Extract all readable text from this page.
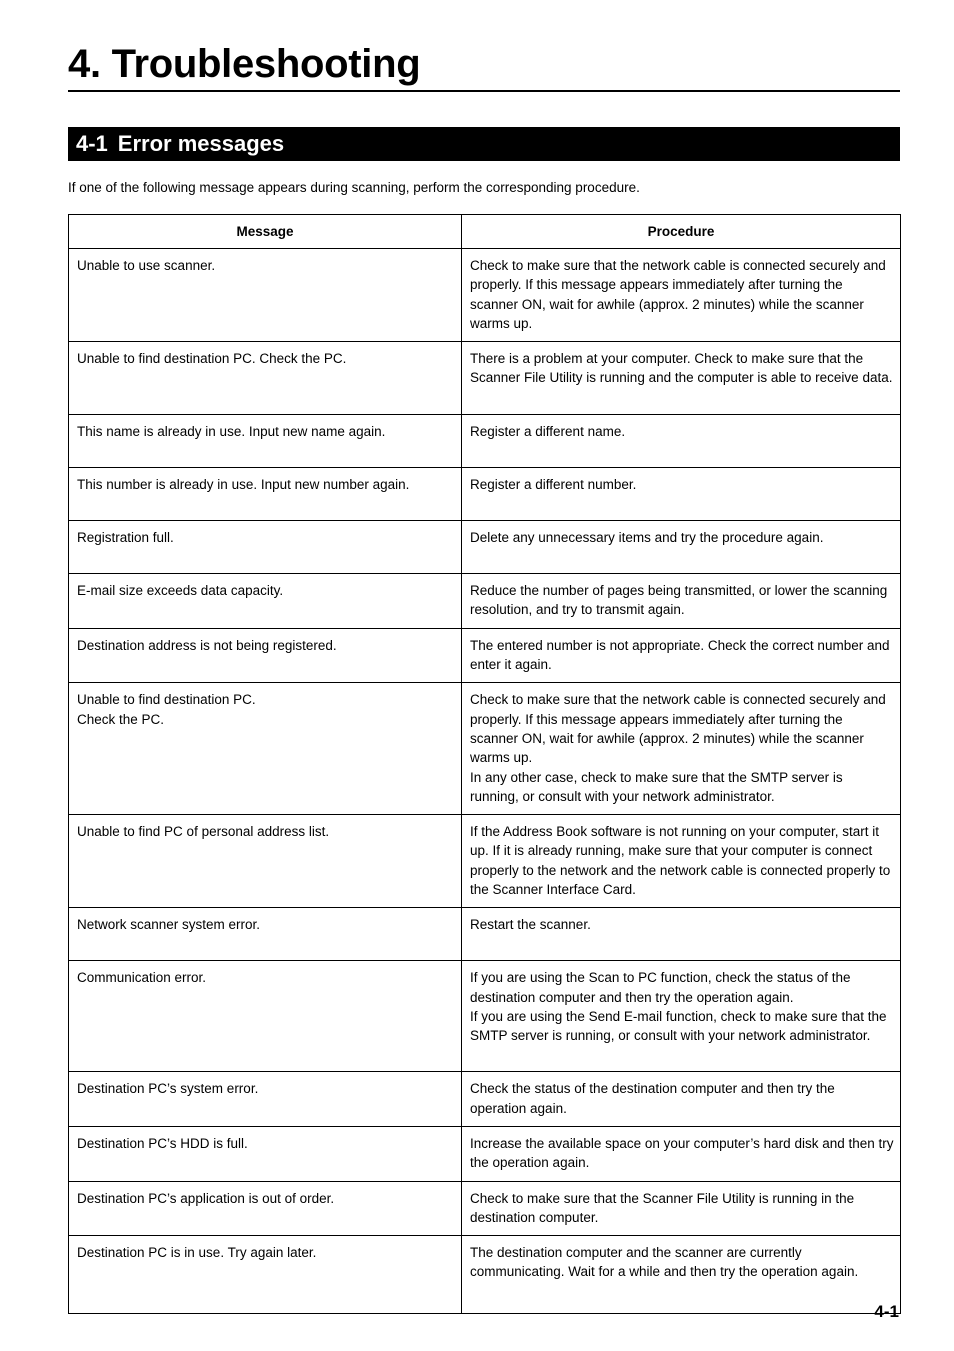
4. Troubleshooting
4-1 Error messages

If one of the following message appears during scanning, perform the corresponding procedure.

Message	Procedure

Unable to use scanner.	Check to make sure that the network cable is connected securely and properly. If this message appears immediately after turning the scanner ON, wait for awhile (approx. 2 minutes) while the scanner warms up.

Unable to find destination PC. Check the PC.	There is a problem at your computer. Check to make sure that the Scanner File Utility is running and the computer is able to receive data.

This name is already in use. Input new name again.	Register a different name.

This number is already in use. Input new number again.	Register a different number.

Registration full.	Delete any unnecessary items and try the procedure again.

E-mail size exceeds data capacity.	Reduce the number of pages being transmitted, or lower the scanning resolution, and try to transmit again.

Destination address is not being registered.	The entered number is not appropriate. Check the correct number and enter it again.

Unable to find destination PC.
Check the PC.	Check to make sure that the network cable is connected securely and properly. If this message appears immediately after turning the scanner ON, wait for awhile (approx. 2 minutes) while the scanner warms up.
In any other case, check to make sure that the SMTP server is running, or consult with your network administrator.

Unable to find PC of personal address list.	If the Address Book software is not running on your computer, start it up. If it is already running, make sure that your computer is connect properly to the network and the network cable is connected properly to the Scanner Interface Card.

Network scanner system error.	Restart the scanner.

Communication error.	If you are using the Scan to PC function, check the status of the destination computer and then try the operation again.
If you are using the Send E-mail function, check to make sure that the SMTP server is running, or consult with your network administrator.

Destination PC’s system error.	Check the status of the destination computer and then try the operation again.

Destination PC’s HDD is full.	Increase the available space on your computer’s hard disk and then try the operation again.

Destination PC’s application is out of order.	Check to make sure that the Scanner File Utility is running in the destination computer.

Destination PC is in use. Try again later.	The destination computer and the scanner are currently communicating. Wait for a while and then try the operation again.
4-1
